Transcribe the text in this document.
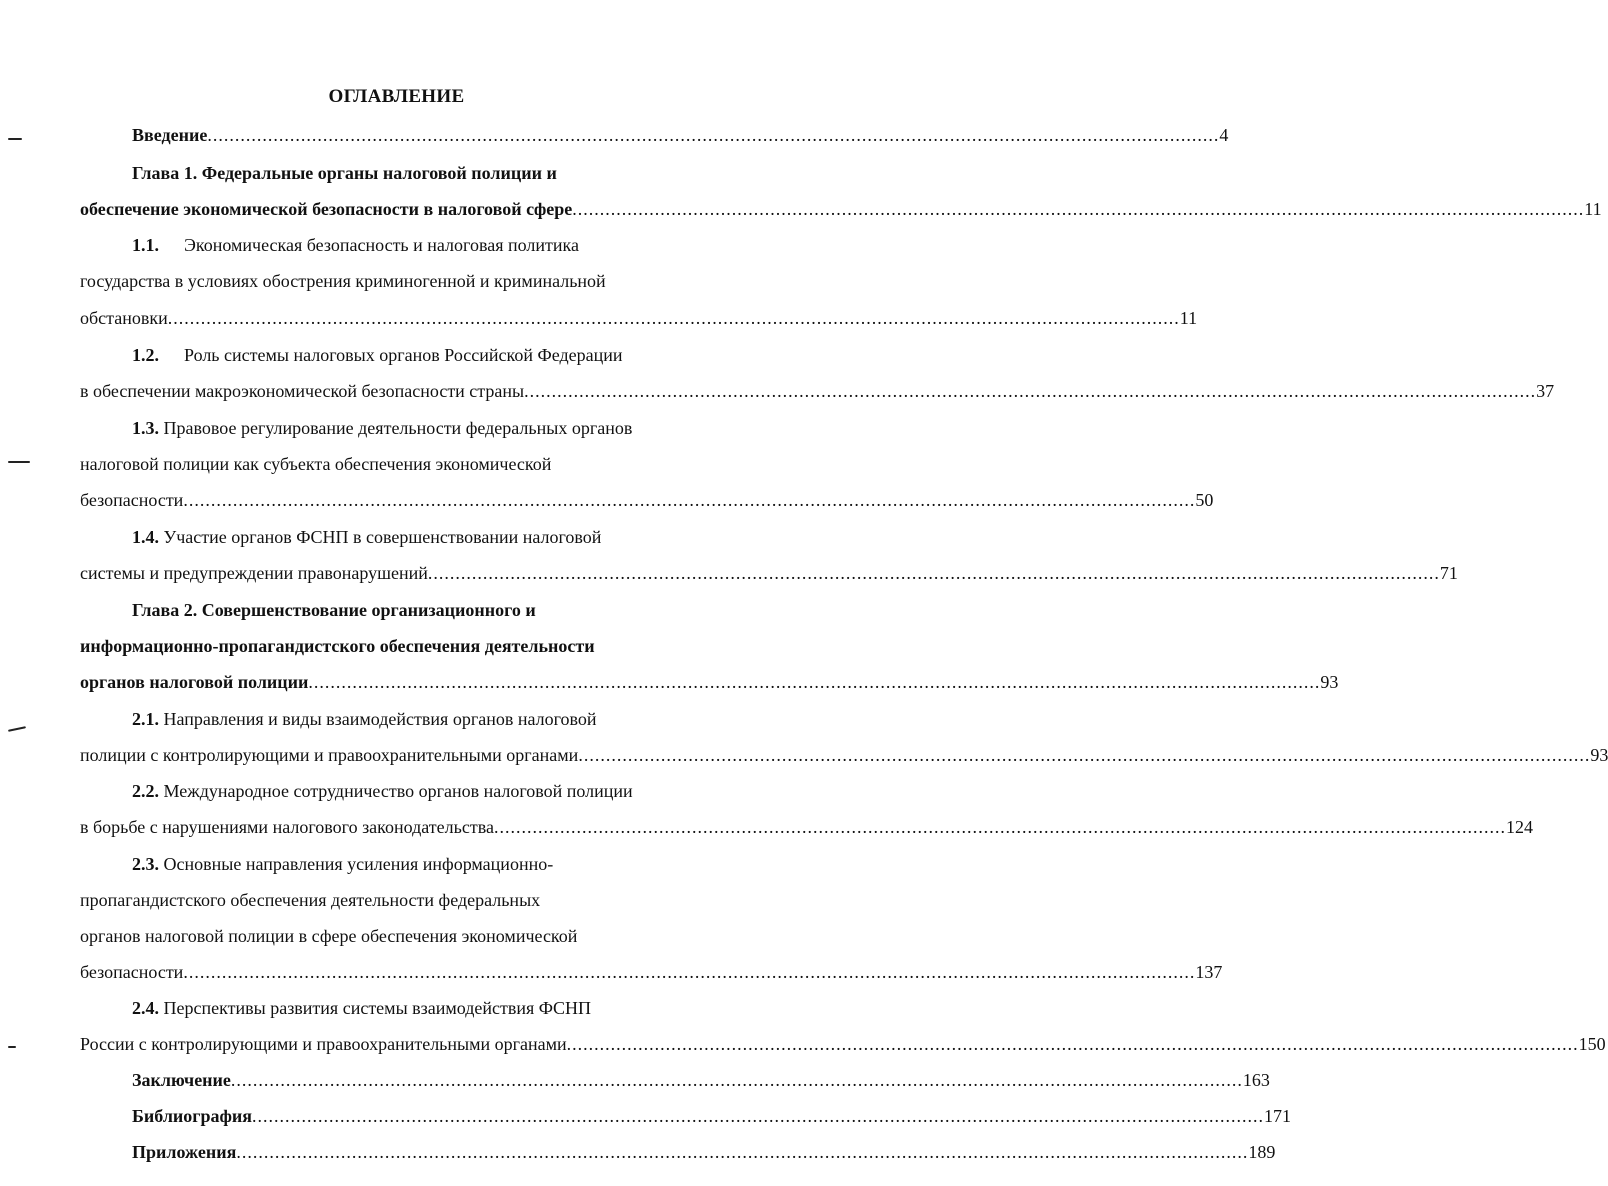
ОГЛАВЛЕНИЕ
Введение ........................................................................................................................................................................................ 4
Глава 1. Федеральные органы налоговой полиции и
обеспечение экономической безопасности в налоговой сфере ........................................................................................................................................................................................ 11
1.1. Экономическая безопасность и налоговая политика
государства в условиях обострения криминогенной и криминальной
обстановки ........................................................................................................................................................................................ 11
1.2. Роль системы налоговых органов Российской Федерации
в обеспечении макроэкономической безопасности страны ........................................................................................................................................................................................ 37
1.3. Правовое регулирование деятельности федеральных органов
налоговой полиции как субъекта обеспечения экономической
безопасности ........................................................................................................................................................................................ 50
1.4. Участие органов ФСНП в совершенствовании налоговой
системы и предупреждении правонарушений ........................................................................................................................................................................................ 71
Глава 2. Совершенствование организационного и
информационно-пропагандистского обеспечения деятельности
органов налоговой полиции ........................................................................................................................................................................................ 93
2.1. Направления и виды взаимодействия органов налоговой
полиции с контролирующими и правоохранительными органами ........................................................................................................................................................................................ 93
2.2. Международное сотрудничество органов налоговой полиции
в борьбе с нарушениями налогового законодательства ........................................................................................................................................................................................ 124
2.3. Основные направления усиления информационно-
пропагандистского обеспечения деятельности федеральных
органов налоговой полиции в сфере обеспечения экономической
безопасности ........................................................................................................................................................................................ 137
2.4. Перспективы развития системы взаимодействия ФСНП
России с контролирующими и правоохранительными органами ........................................................................................................................................................................................ 150
Заключение ........................................................................................................................................................................................ 163
Библиография ........................................................................................................................................................................................ 171
Приложения ........................................................................................................................................................................................ 189
